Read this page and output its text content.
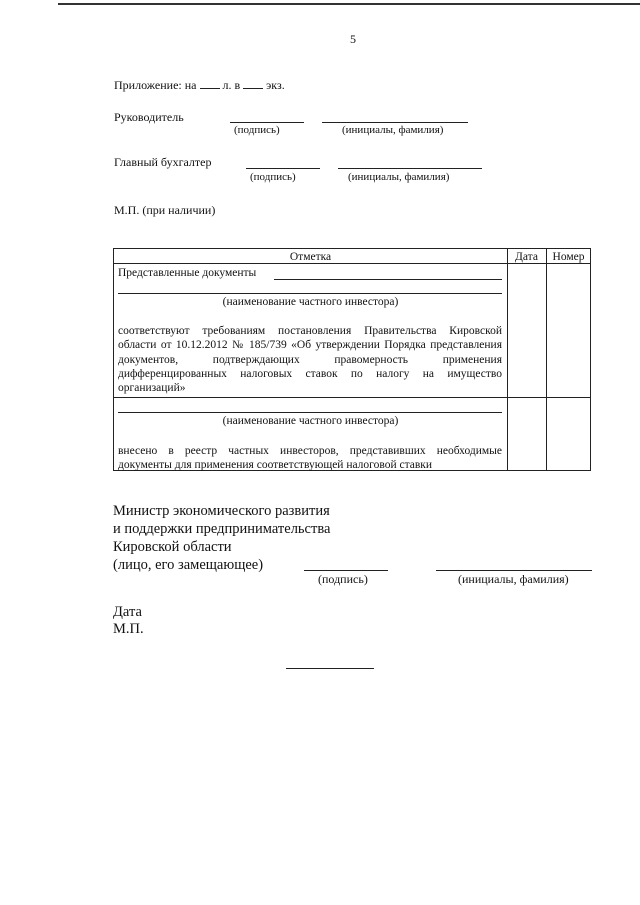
5
Приложение: на л. в экз.
Руководитель
(подпись)	(инициалы, фамилия)
Главный бухгалтер
(подпись)	(инициалы, фамилия)
М.П. (при наличии)
Отметка	Дата	Номер
Представленные документы
(наименование частного инвестора)
соответствуют требованиям постановления Правительства Кировской области от 10.12.2012 № 185/739 «Об утверждении Порядка представления документов, подтверждающих правомерность применения дифференцированных налоговых ставок по налогу на имущество организаций»
(наименование частного инвестора)
внесено в реестр частных инвесторов, представивших необходимые документы для применения соответствующей налоговой ставки
Министр экономического развития
и поддержки предпринимательства
Кировской области
(лицо, его замещающее)
(подпись)	(инициалы, фамилия)
Дата
М.П.
